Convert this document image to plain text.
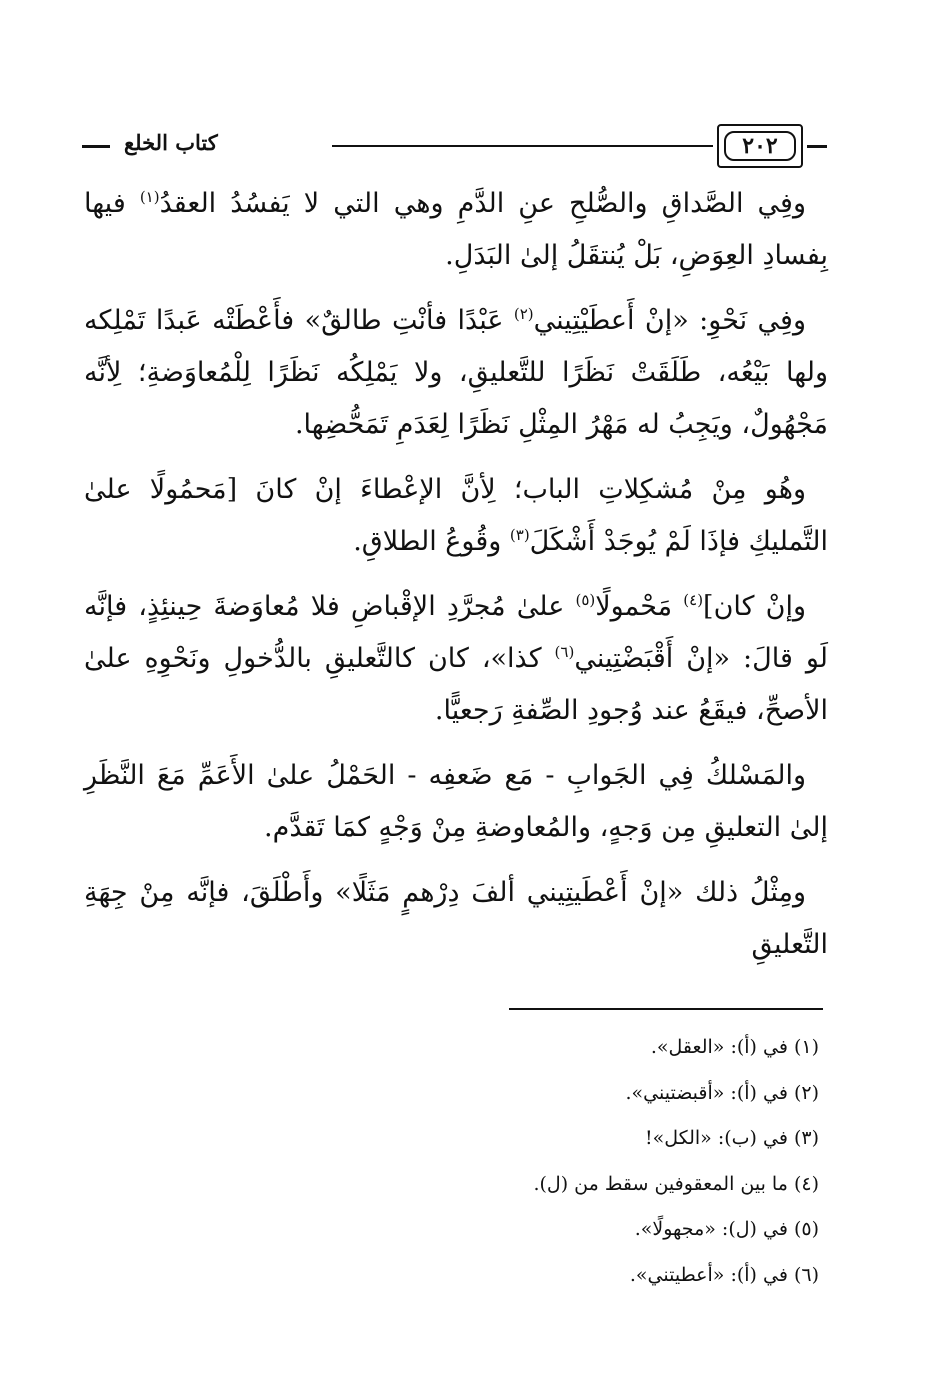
٢٠٢
كتاب الخلع

وفِي الصَّداقِ والصُّلحِ عنِ الدَّمِ وهي التي لا يَفسُدُ العقدُ$^{(١)}$ فيها بِفسادِ العِوَضِ، بَلْ يُنتقَلُ إلىٰ البَدَلِ.

وفِي نَحْوِ: «إنْ أَعطَيْتِيني$^{(٢)}$ عَبْدًا فأنْتِ طالقٌ» فأَعْطَتْه عَبدًا تَمْلِكه ولها بَيْعُه، طَلَقَتْ نَظَرًا للتَّعليقِ، ولا يَمْلِكُه نَظَرًا لِلْمُعاوَضةِ؛ لِأنَّه مَجْهُولٌ، ويَجِبُ له مَهْرُ المِثْلِ نَظَرًا لِعَدَمِ تَمَحُّضِها.

وهُو مِنْ مُشكِلاتِ الباب؛ لِأنَّ الإعْطاءَ إنْ كانَ [مَحمُولًا علىٰ التَّمليكِ فإذَا لَمْ يُوجَدْ أَشْكَلَ$^{(٣)}$ وقُوعُ الطلاقِ.

وإنْ كان]$^{(٤)}$ مَحْمولًا$^{(٥)}$ علىٰ مُجرَّدِ الإقْباضِ فلا مُعاوَضةَ حِينئِذٍ، فإنَّه لَو قالَ: «إنْ أَقْبَضْتِيني$^{(٦)}$ كذا»، كان كالتَّعليقِ بالدُّخولِ ونَحْوِهِ علىٰ الأصحِّ، فيقَعُ عند وُجودِ الصِّفةِ رَجعيًّا.

والمَسْلكُ فِي الجَوابِ - مَع ضَعفِه - الحَمْلُ علىٰ الأَعَمِّ مَعَ النَّظَرِ إلىٰ التعليقِ مِن وَجهٍ، والمُعاوضةِ مِنْ وَجْهٍ كمَا تَقدَّم.

ومِثْلُ ذلك «إنْ أَعْطَيتِيني ألفَ دِرْهمٍ مَثَلًا» وأَطْلَقَ، فإنَّه مِنْ جِهَةِ التَّعليقِ

(١) في (أ): «العقل».

(٢) في (أ): «أقبضتيني».

(٣) في (ب): «الكل»!

(٤) ما بين المعقوفين سقط من (ل).

(٥) في (ل): «مجهولًا».

(٦) في (أ): «أعطيتني».
